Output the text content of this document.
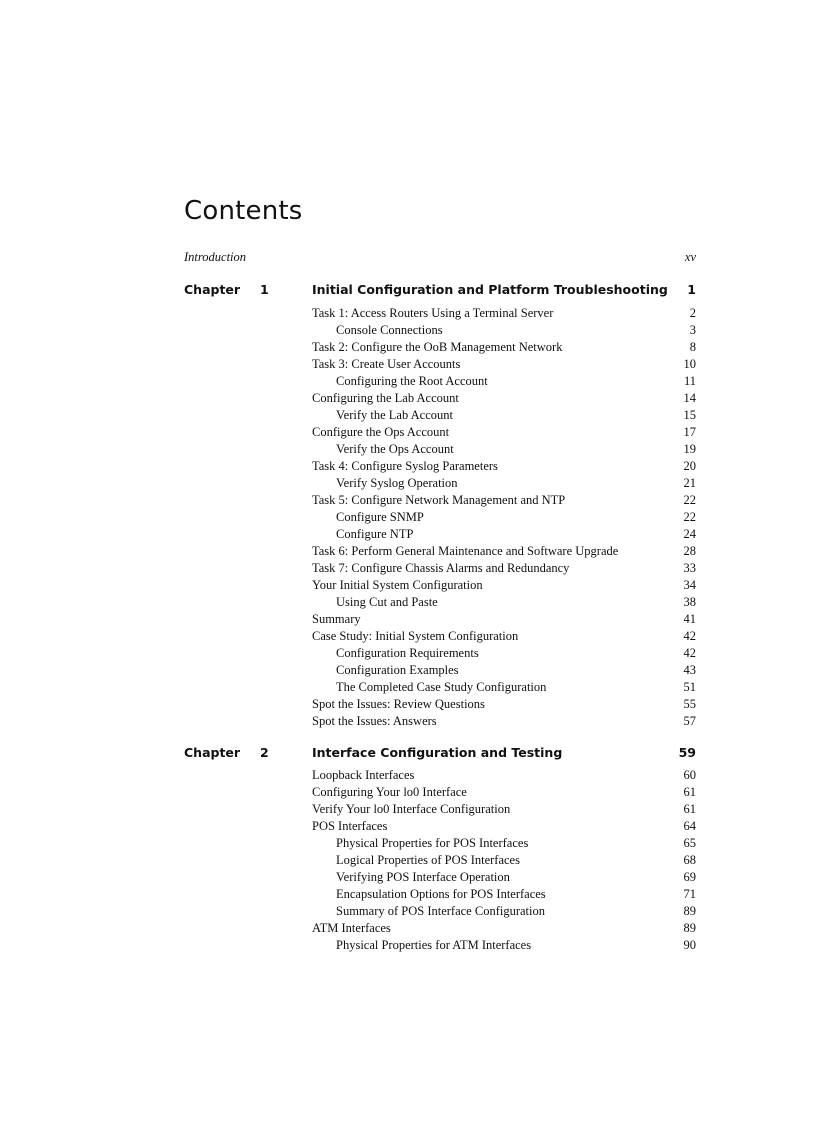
Contents
Introduction	xv
Chapter 1	Initial Configuration and Platform Troubleshooting 1
Task 1: Access Routers Using a Terminal Server	2
Console Connections	3
Task 2: Configure the OoB Management Network	8
Task 3: Create User Accounts	10
Configuring the Root Account	11
Configuring the Lab Account	14
Verify the Lab Account	15
Configure the Ops Account	17
Verify the Ops Account	19
Task 4: Configure Syslog Parameters	20
Verify Syslog Operation	21
Task 5: Configure Network Management and NTP	22
Configure SNMP	22
Configure NTP	24
Task 6: Perform General Maintenance and Software Upgrade	28
Task 7: Configure Chassis Alarms and Redundancy	33
Your Initial System Configuration	34
Using Cut and Paste	38
Summary	41
Case Study: Initial System Configuration	42
Configuration Requirements	42
Configuration Examples	43
The Completed Case Study Configuration	51
Spot the Issues: Review Questions	55
Spot the Issues: Answers	57
Chapter 2	Interface Configuration and Testing	59
Loopback Interfaces	60
Configuring Your lo0 Interface	61
Verify Your lo0 Interface Configuration	61
POS Interfaces	64
Physical Properties for POS Interfaces	65
Logical Properties of POS Interfaces	68
Verifying POS Interface Operation	69
Encapsulation Options for POS Interfaces	71
Summary of POS Interface Configuration	89
ATM Interfaces	89
Physical Properties for ATM Interfaces	90
